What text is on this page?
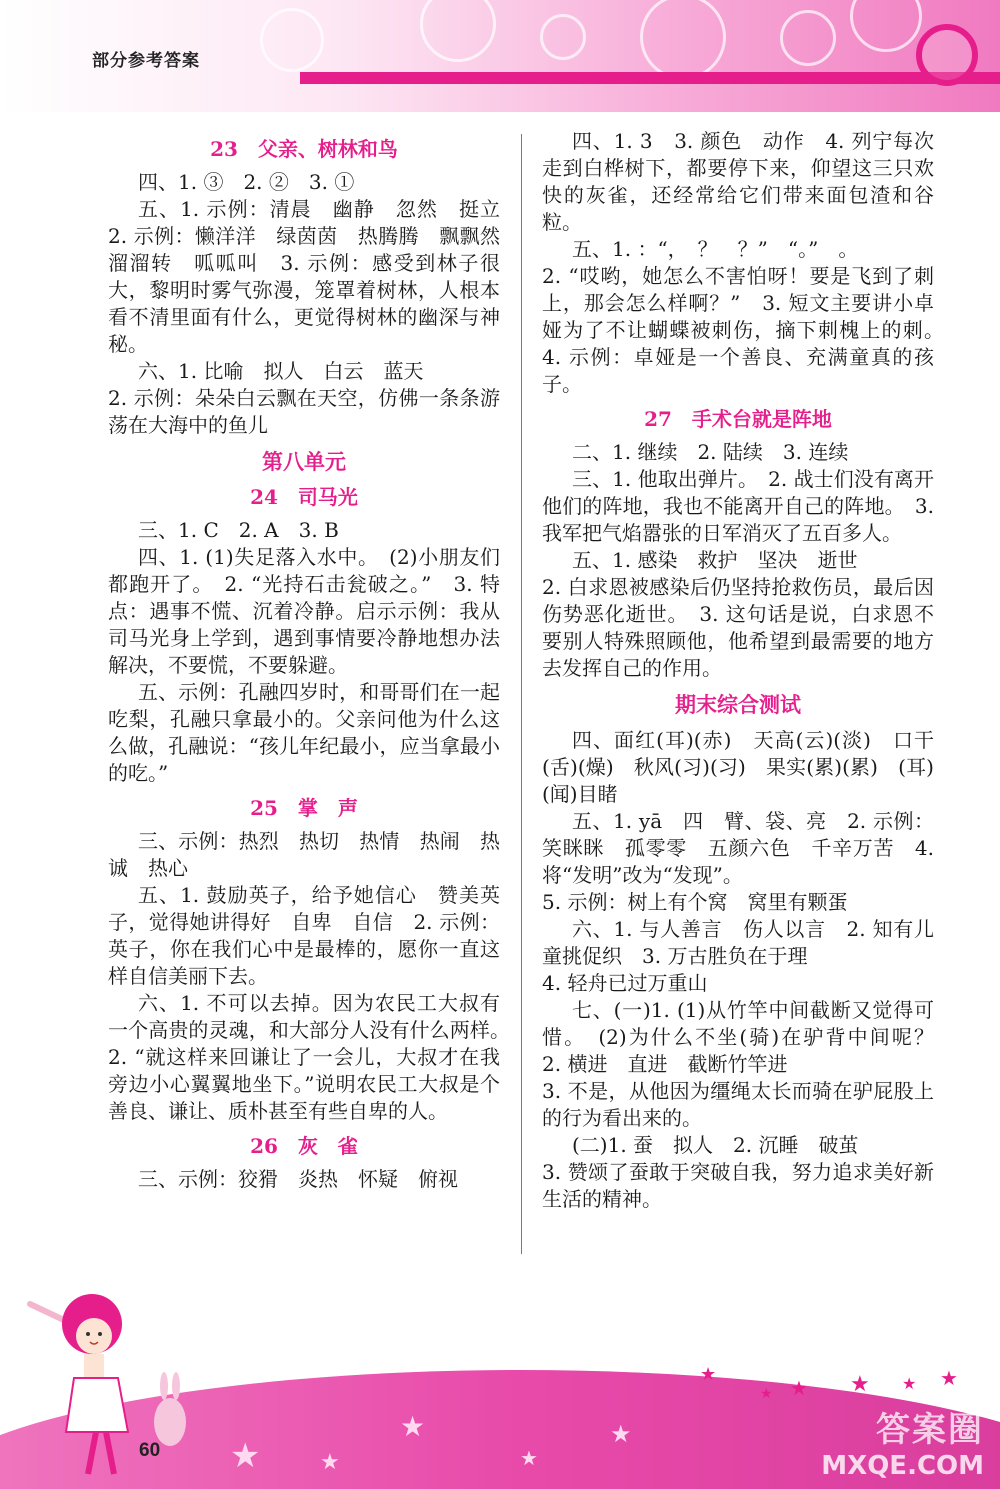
部分参考答案
23　父亲、树林和鸟

四、1. ③　2. ②　3. ①

五、1. 示例：清晨　幽静　忽然　挺立　2. 示例：懒洋洋　绿茵茵　热腾腾　飘飘然　溜溜转　呱呱叫　3. 示例：感受到林子很大，黎明时雾气弥漫，笼罩着树林，人根本看不清里面有什么，更觉得树林的幽深与神秘。

六、1. 比喻　拟人　白云　蓝天

2. 示例：朵朵白云飘在天空，仿佛一条条游荡在大海中的鱼儿

第八单元
24　司马光

三、1. C　2. A　3. B

四、1. (1)失足落入水中。　(2)小朋友们都跑开了。　2. “光持石击瓮破之。”　3. 特点：遇事不慌、沉着冷静。启示示例：我从司马光身上学到，遇到事情要冷静地想办法解决，不要慌，不要躲避。

五、示例：孔融四岁时，和哥哥们在一起吃梨，孔融只拿最小的。父亲问他为什么这么做，孔融说：“孩儿年纪最小，应当拿最小的吃。”

25　掌　声

三、示例：热烈　热切　热情　热闹　热诚　热心

五、1. 鼓励英子，给予她信心　赞美英子，觉得她讲得好　自卑　自信　2. 示例：英子，你在我们心中是最棒的，愿你一直这样自信美丽下去。

六、1. 不可以去掉。因为农民工大叔有一个高贵的灵魂，和大部分人没有什么两样。　2. “就这样来回谦让了一会儿，大叔才在我旁边小心翼翼地坐下。”说明农民工大叔是个善良、谦让、质朴甚至有些自卑的人。

26　灰　雀

三、示例：狡猾　炎热　怀疑　俯视

四、1. 3　3. 颜色　动作　4. 列宁每次走到白桦树下，都要停下来，仰望这三只欢快的灰雀，还经常给它们带来面包渣和谷粒。

五、1. ：“，　？　？”　“。”　。

2. “哎哟，她怎么不害怕呀！要是飞到了刺上，那会怎么样啊？”　3. 短文主要讲小卓娅为了不让蝴蝶被刺伤，摘下刺槐上的刺。　4. 示例：卓娅是一个善良、充满童真的孩子。

27　手术台就是阵地

二、1. 继续　2. 陆续　3. 连续

三、1. 他取出弹片。　2. 战士们没有离开他们的阵地，我也不能离开自己的阵地。　3. 我军把气焰嚣张的日军消灭了五百多人。

五、1. 感染　救护　坚决　逝世

2. 白求恩被感染后仍坚持抢救伤员，最后因伤势恶化逝世。　3. 这句话是说，白求恩不要别人特殊照顾他，他希望到最需要的地方去发挥自己的作用。

期末综合测试

四、面红(耳)(赤)　天高(云)(淡)　口干(舌)(燥)　秋风(习)(习)　果实(累)(累)　(耳)(闻)目睹

五、1. yā　四　臂、袋、亮　2. 示例：笑眯眯　孤零零　五颜六色　千辛万苦　4. 将“发明”改为“发现”。

5. 示例：树上有个窝　窝里有颗蛋

六、1. 与人善言　伤人以言　2. 知有儿童挑促织　3. 万古胜负在于理

4. 轻舟已过万重山

七、(一)1. (1)从竹竿中间截断又觉得可惜。　(2)为什么不坐(骑)在驴背中间呢？　2. 横进　直进　截断竹竿进

3. 不是，从他因为缰绳太长而骑在驴屁股上的行为看出来的。

(二)1. 蚕　拟人　2. 沉睡　破茧

3. 赞颂了蚕敢于突破自我，努力追求美好新生活的精神。

★	★
★
★
★
★
★ ★ ★ ★ ★
60
答案圈
MXQE.COM
